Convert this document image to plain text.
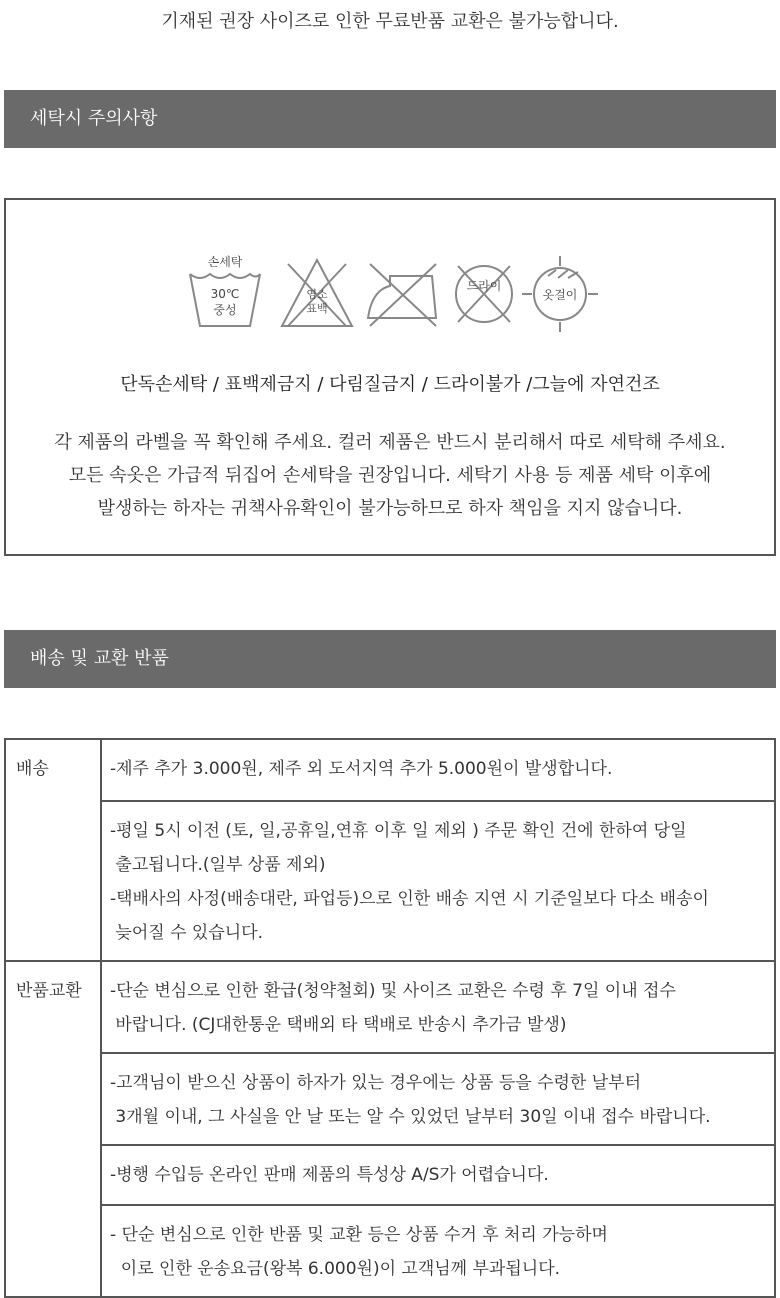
기재된 권장 사이즈로 인한 무료반품 교환은 불가능합니다.
세탁시 주의사항
손세탁
30℃
중성
염소
표백
드라이
옷걸이
단독손세탁 / 표백제금지 / 다림질금지 / 드라이불가 /그늘에 자연건조
각 제품의 라벨을 꼭 확인해 주세요. 컬러 제품은 반드시 분리해서 따로 세탁해 주세요.
모든 속옷은 가급적 뒤집어 손세탁을 권장입니다. 세탁기 사용 등 제품 세탁 이후에
발생하는 하자는 귀책사유확인이 불가능하므로 하자 책임을 지지 않습니다.
배송 및 교환 반품
배송	-제주 추가 3.000원, 제주 외 도서지역 추가 5.000원이 발생합니다.

	-평일 5시 이전 (토, 일,공휴일,연휴 이후 일 제외 ) 주문 확인 건에 한하여 당일
출고됩니다.(일부 상품 제외)
-택배사의 사정(배송대란, 파업등)으로 인한 배송 지연 시 기준일보다 다소 배송이
늦어질 수 있습니다.

반품교환	-단순 변심으로 인한 환급(청약철회) 및 사이즈 교환은 수령 후 7일 이내 접수
바랍니다. (CJ대한통운 택배외 타 택배로 반송시 추가금 발생)

	-고객님이 받으신 상품이 하자가 있는 경우에는 상품 등을 수령한 날부터
3개월 이내, 그 사실을 안 날 또는 알 수 있었던 날부터 30일 이내 접수 바랍니다.

	-병행 수입등 온라인 판매 제품의 특성상 A/S가 어렵습니다.

	- 단순 변심으로 인한 반품 및 교환 등은 상품 수거 후 처리 가능하며
이로 인한 운송요금(왕복 6.000원)이 고객님께 부과됩니다.
